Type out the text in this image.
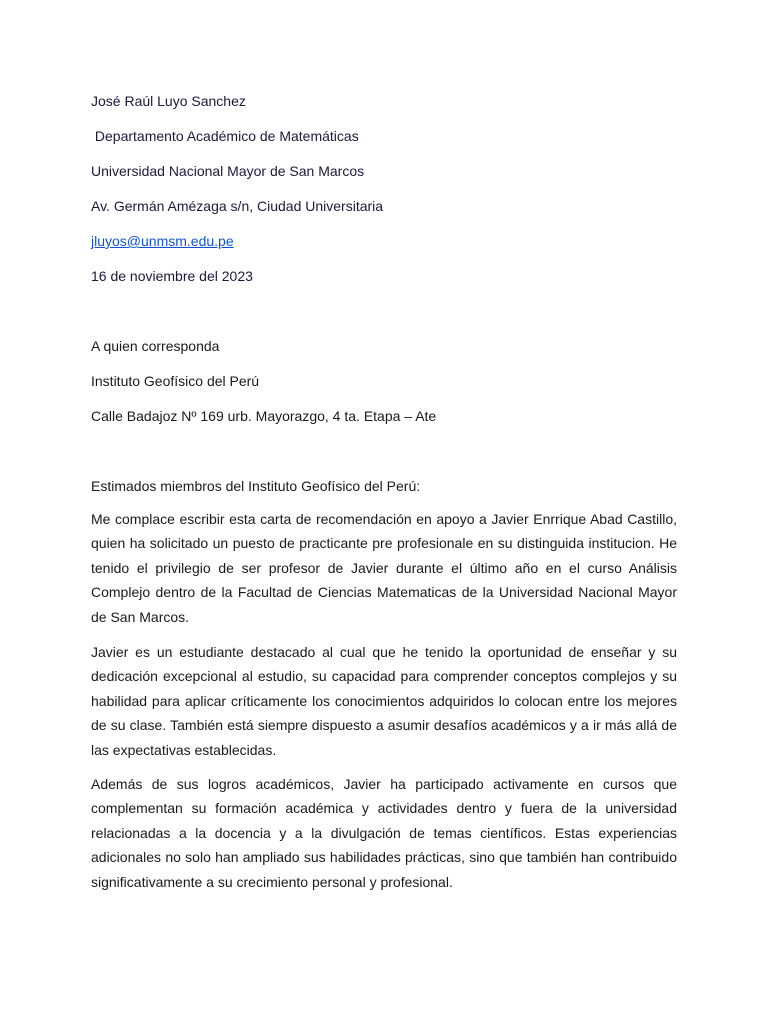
José Raúl Luyo Sanchez

Departamento Académico de Matemáticas

Universidad Nacional Mayor de San Marcos

Av. Germán Amézaga s/n, Ciudad Universitaria

jluyos@unmsm.edu.pe

16 de noviembre del 2023

A quien corresponda

Instituto Geofísico del Perú

Calle Badajoz Nº 169 urb. Mayorazgo, 4 ta. Etapa – Ate

Estimados miembros del Instituto Geofísico del Perú:

Me complace escribir esta carta de recomendación en apoyo a Javier Enrrique Abad Castillo, quien ha solicitado un puesto de practicante pre profesionale en su distinguida institucion. He tenido el privilegio de ser profesor de Javier durante el último año en el curso Análisis Complejo dentro de la Facultad de Ciencias Matematicas de la Universidad Nacional Mayor de San Marcos.

Javier es un estudiante destacado al cual que he tenido la oportunidad de enseñar y su dedicación excepcional al estudio, su capacidad para comprender conceptos complejos y su habilidad para aplicar críticamente los conocimientos adquiridos lo colocan entre los mejores de su clase. También está siempre dispuesto a asumir desafíos académicos y a ir más allá de las expectativas establecidas.

Además de sus logros académicos, Javier ha participado activamente en cursos que complementan su formación académica y actividades dentro y fuera de la universidad relacionadas a la docencia y a la divulgación de temas científicos. Estas experiencias adicionales no solo han ampliado sus habilidades prácticas, sino que también han contribuido significativamente a su crecimiento personal y profesional.
